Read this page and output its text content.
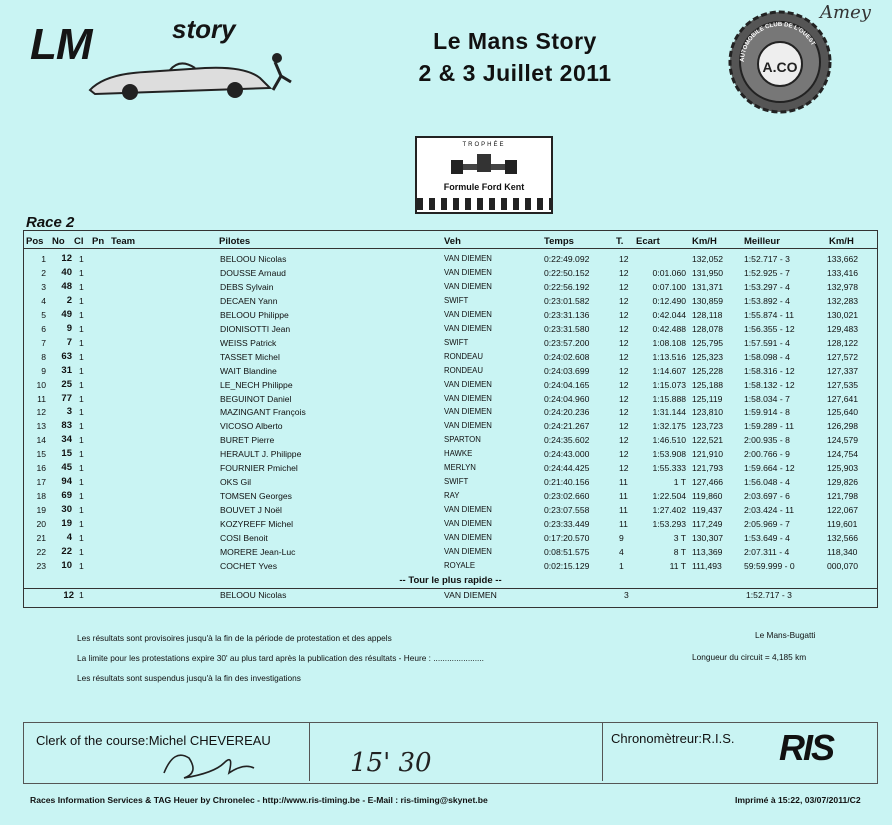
LM	story	Le Mans Story
2 & 3 Juillet 2011
AUTOMOBILE CLUB DE L'OUEST
A.CO
Amey
TROPHÉE
Formule Ford Kent
Race 2
Pos No Cl Pn Team	Pilotes	Veh	Temps	T. Ecart	Km/H	Meilleur	Km/H
1	12 1	BELOOU Nicolas	VAN DIEMEN	0:22:49.092	12	132,052 1:52.717 - 3	133,662
2	40 1	DOUSSE Arnaud	VAN DIEMEN	0:22:50.152	12	0:01.060 131,950 1:52.925 - 7	133,416
3	48 1	DEBS Sylvain	VAN DIEMEN	0:22:56.192	12	0:07.100 131,371 1:53.297 - 4	132,978
4	2 1	DECAEN Yann	SWIFT	0:23:01.582	12	0:12.490 130,859 1:53.892 - 4	132,283
5	49 1	BELOOU Philippe	VAN DIEMEN	0:23:31.136	12	0:42.044 128,118	1:55.874 - 11	130,021
6	9 1	DIONISOTTI Jean	VAN DIEMEN	0:23:31.580	12	0:42.488 128,078 1:56.355 - 12	129,483
7	7 1	WEISS Patrick	SWIFT	0:23:57.200	12	1:08.108 125,795 1:57.591 - 4	128,122
8	63 1	TASSET Michel	RONDEAU	0:24:02.608	12	1:13.516 125,323 1:58.098 - 4	127,572
9	31 1	WAIT Blandine	RONDEAU	0:24:03.699	12	1:14.607 125,228 1:58.316 - 12	127,337
10	25 1	LE_NECH Philippe	VAN DIEMEN	0:24:04.165	12	1:15.073 125,188 1:58.132 - 12	127,535
11	77 1	BEGUINOT Daniel	VAN DIEMEN	0:24:04.960	12	1:15.888 125,119	1:58.034 - 7	127,641
12	3 1	MAZINGANT François	VAN DIEMEN	0:24:20.236	12	1:31.144 123,810 1:59.914 - 8	125,640
13	83 1	VICOSO Alberto	VAN DIEMEN	0:24:21.267	12	1:32.175 123,723 1:59.289 - 11	126,298
14	34 1	BURET Pierre	SPARTON	0:24:35.602	12	1:46.510 122,521 2:00.935 - 8	124,579
15	15 1	HERAULT J. Philippe	HAWKE	0:24:43.000	12	1:53.908 121,910 2:00.766 - 9	124,754
16	45 1	FOURNIER Pmichel	MERLYN	0:24:44.425	12	1:55.333 121,793 1:59.664 - 12	125,903
17	94 1	OKS Gil	SWIFT	0:21:40.156	11	1 T 127,466 1:56.048 - 4	129,826
18	69 1	TOMSEN Georges	RAY	0:23:02.660	11	1:22.504 119,860	2:03.697 - 6	121,798
19	30 1	BOUVET J Noël	VAN DIEMEN	0:23:07.558	11	1:27.402 119,437	2:03.424 - 11	122,067
20	19 1	KOZYREFF Michel	VAN DIEMEN	0:23:33.449	11	1:53.293 117,249	2:05.969 - 7	119,601
21	4 1	COSI Benoit	VAN DIEMEN	0:17:20.570	9	3 T 130,307 1:53.649 - 4	132,566
22	22 1	MORERE Jean-Luc	VAN DIEMEN	0:08:51.575	4	8 T 113,369	2:07.311 - 4	118,340
23	10 1	COCHET Yves	ROYALE	0:02:15.129	1	11 T 111,493	59:59.999 - 0	000,070
-- Tour le plus rapide --
12 1	BELOOU Nicolas	VAN DIEMEN	3	1:52.717 - 3
Les résultats sont provisoires jusqu'à la fin de la période de protestation et des appels
La limite pour les protestations expire 30' au plus tard après la publication des résultats - Heure : ......................
Les résultats sont suspendus jusqu'à la fin des investigations
Le Mans-Bugatti
Longueur du circuit = 4,185 km
Clerk of the course:Michel CHEVEREAU	Chronomètreur:R.I.S. RIS
15' 30
Races Information Services & TAG Heuer by Chronelec - http://www.ris-timing.be - E-Mail : ris-timing@skynet.be	Imprimé à 15:22, 03/07/2011/C2
